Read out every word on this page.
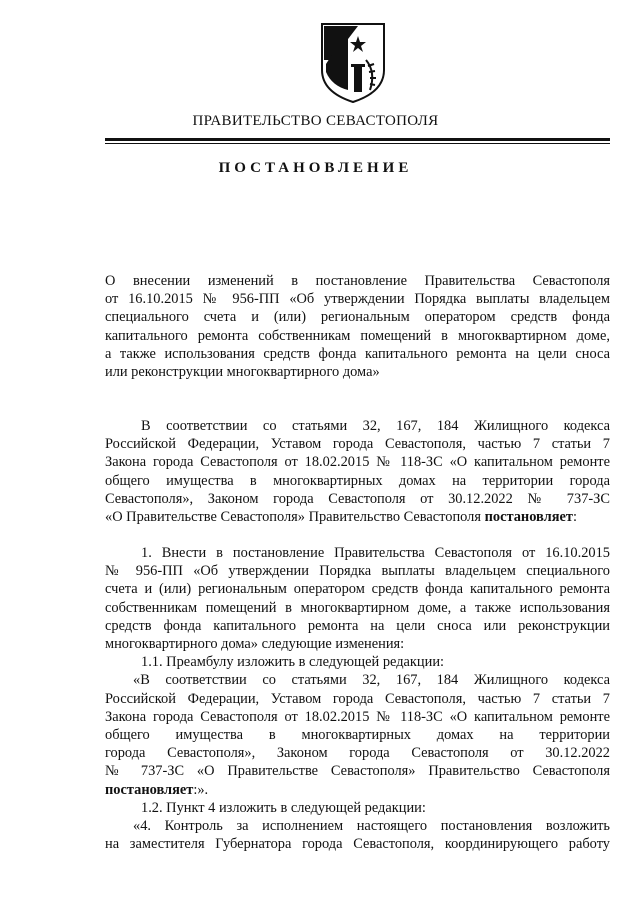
ПРАВИТЕЛЬСТВО СЕВАСТОПОЛЯ
ПОСТАНОВЛЕНИЕ
О внесении изменений в постановление Правительства Севастополя
от 16.10.2015 № 956-ПП «Об утверждении Порядка выплаты владельцем
специального счета и (или) региональным оператором средств фонда
капитального ремонта собственникам помещений в многоквартирном доме,
а также использования средств фонда капитального ремонта на цели сноса
или реконструкции многоквартирного дома»
В соответствии со статьями 32, 167, 184 Жилищного кодекса
Российской Федерации, Уставом города Севастополя, частью 7 статьи 7
Закона города Севастополя от 18.02.2015 № 118-ЗС «О капитальном ремонте
общего имущества в многоквартирных домах на территории города
Севастополя», Законом города Севастополя от 30.12.2022 № 737-ЗС
«О Правительстве Севастополя» Правительство Севастополя постановляет:
1. Внести в постановление Правительства Севастополя от 16.10.2015
№ 956-ПП «Об утверждении Порядка выплаты владельцем специального
счета и (или) региональным оператором средств фонда капитального ремонта
собственникам помещений в многоквартирном доме, а также использования
средств фонда капитального ремонта на цели сноса или реконструкции
многоквартирного дома» следующие изменения:
1.1. Преамбулу изложить в следующей редакции:
«В соответствии со статьями 32, 167, 184 Жилищного кодекса
Российской Федерации, Уставом города Севастополя, частью 7 статьи 7
Закона города Севастополя от 18.02.2015 № 118-ЗС «О капитальном ремонте
общего имущества в многоквартирных домах на территории
города Севастополя», Законом города Севастополя от 30.12.2022
№ 737-ЗС «О Правительстве Севастополя» Правительство Севастополя
постановляет:».
1.2. Пункт 4 изложить в следующей редакции:
«4. Контроль за исполнением настоящего постановления возложить
на заместителя Губернатора города Севастополя, координирующего работу
